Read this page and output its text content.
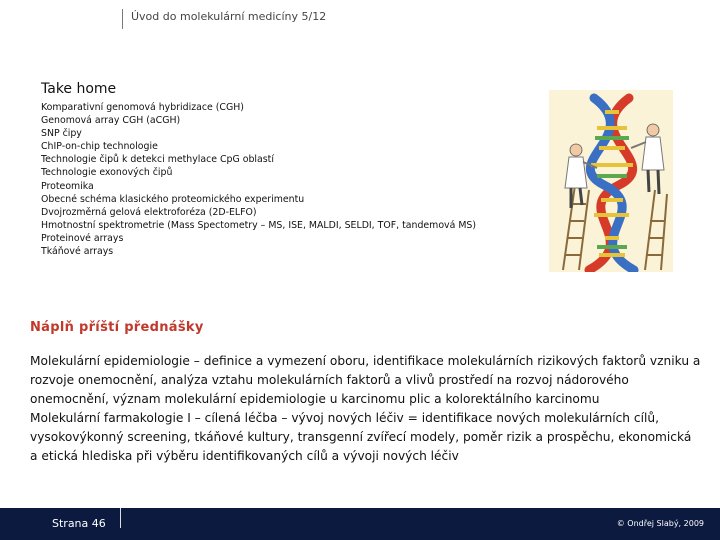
Úvod do molekulární medicíny 5/12
Take home
Komparativní genomová hybridizace (CGH)
Genomová array CGH (aCGH)
SNP čipy
ChIP-on-chip technologie
Technologie čipů k detekci methylace CpG oblastí
Technologie exonových čipů
Proteomika
Obecné schéma klasického proteomického experimentu
Dvojrozměrná gelová elektroforéza (2D-ELFO)
Hmotnostní spektrometrie (Mass Spectometry – MS, ISE, MALDI, SELDI, TOF, tandemová MS)
Proteinové arrays
Tkáňové arrays
Náplň příští přednášky

Molekulární epidemiologie – definice a vymezení oboru, identifikace molekulárních rizikových faktorů vzniku a rozvoje onemocnění, analýza vztahu molekulárních faktorů a vlivů prostředí na rozvoj nádorového onemocnění, význam molekulární epidemiologie u karcinomu plic a kolorektálního karcinomu

Molekulární farmakologie I – cílená léčba – vývoj nových léčiv = identifikace nových molekulárních cílů, vysokovýkonný screening, tkáňové kultury, transgenní zvířecí modely, poměr rizik a prospěchu, ekonomická a etická hlediska při výběru identifikovaných cílů a vývoji nových léčiv

Strana 46	© Ondřej Slabý, 2009
